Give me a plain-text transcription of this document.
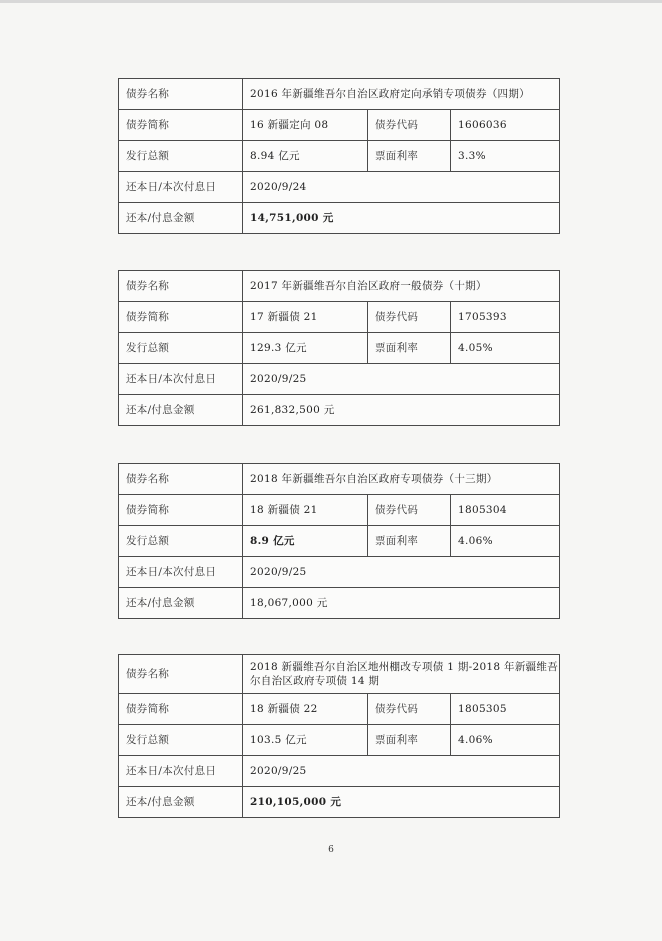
债券名称	2016 年新疆维吾尔自治区政府定向承销专项债券（四期）		
债券简称	16 新疆定向 08	债券代码	1606036
发行总额	8.94 亿元	票面利率	3.3%
还本日/本次付息日	2020/9/24		
还本/付息金额	14,751,000 元		
债券名称	2017 年新疆维吾尔自治区政府一般债券（十期）		
债券简称	17 新疆债 21	债券代码	1705393
发行总额	129.3 亿元	票面利率	4.05%
还本日/本次付息日	2020/9/25		
还本/付息金额	261,832,500 元		
债券名称	2018 年新疆维吾尔自治区政府专项债券（十三期）		
债券简称	18 新疆债 21	债券代码	1805304
发行总额	8.9 亿元	票面利率	4.06%
还本日/本次付息日	2020/9/25		
还本/付息金额	18,067,000 元		
债券名称	2018 新疆维吾尔自治区地州棚改专项债 1 期-2018 年新疆维吾尔自治区政府专项债 14 期		
债券简称	18 新疆债 22	债券代码	1805305
发行总额	103.5 亿元	票面利率	4.06%
还本日/本次付息日	2020/9/25		
还本/付息金额	210,105,000 元		
6
